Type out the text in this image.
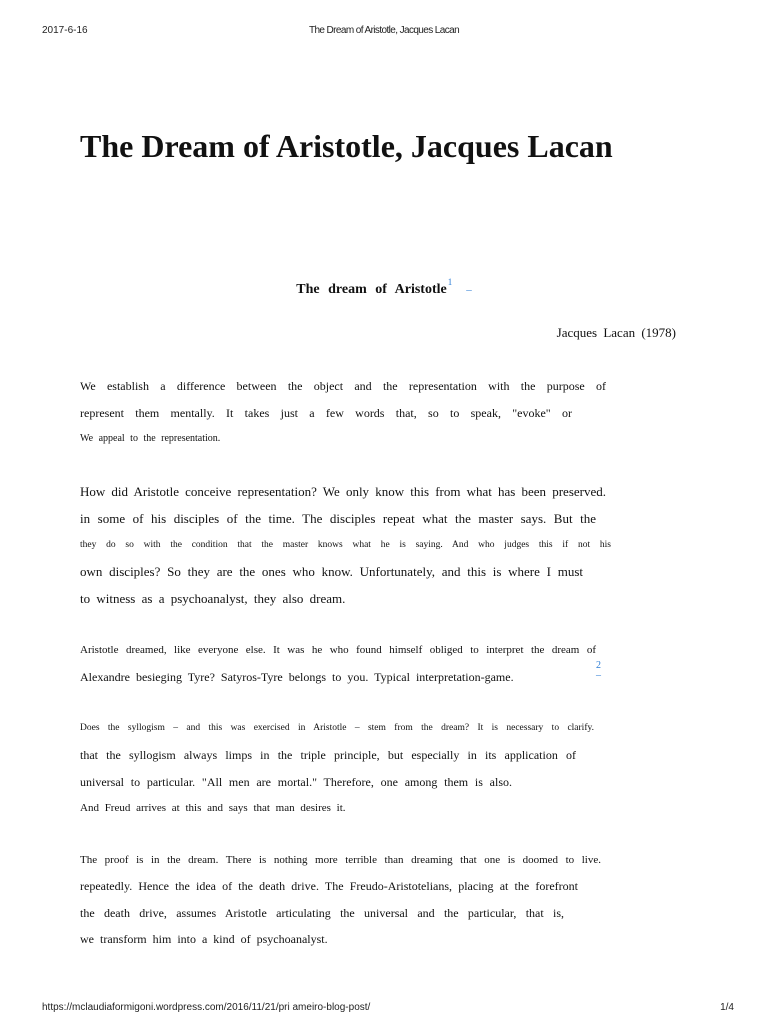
2017-6-16	The Dream of Aristotle, Jacques Lacan
The Dream of Aristotle, Jacques Lacan
The dream of Aristotle$^1$–
Jacques Lacan (1978)
We establish a difference between the object and the representation with the purpose of
represent them mentally. It takes just a few words that, so to speak, "evoke" or
We appeal to the representation.
How did Aristotle conceive representation? We only know this from what has been preserved.
in some of his disciples of the time. The disciples repeat what the master says. But the
they do so with the condition that the master knows what he is saying. And who judges this if not his
own disciples? So they are the ones who know. Unfortunately, and this is where I must
to witness as a psychoanalyst, they also dream.
Aristotle dreamed, like everyone else. It was he who found himself obliged to interpret the dream of
Alexandre besieging Tyre? Satyros-Tyre belongs to you. Typical interpretation-game.
2
–
Does the syllogism – and this was exercised in Aristotle – stem from the dream? It is necessary to clarify.
that the syllogism always limps in the triple principle, but especially in its application of
universal to particular. "All men are mortal." Therefore, one among them is also.
And Freud arrives at this and says that man desires it.
The proof is in the dream. There is nothing more terrible than dreaming that one is doomed to live.
repeatedly. Hence the idea of the death drive. The Freudo-Aristotelians, placing at the forefront
the death drive, assumes Aristotle articulating the universal and the particular, that is,
we transform him into a kind of psychoanalyst.
https://mclaudiaformigoni.wordpress.com/2016/11/21/pri ameiro-blog-post/	1/4
